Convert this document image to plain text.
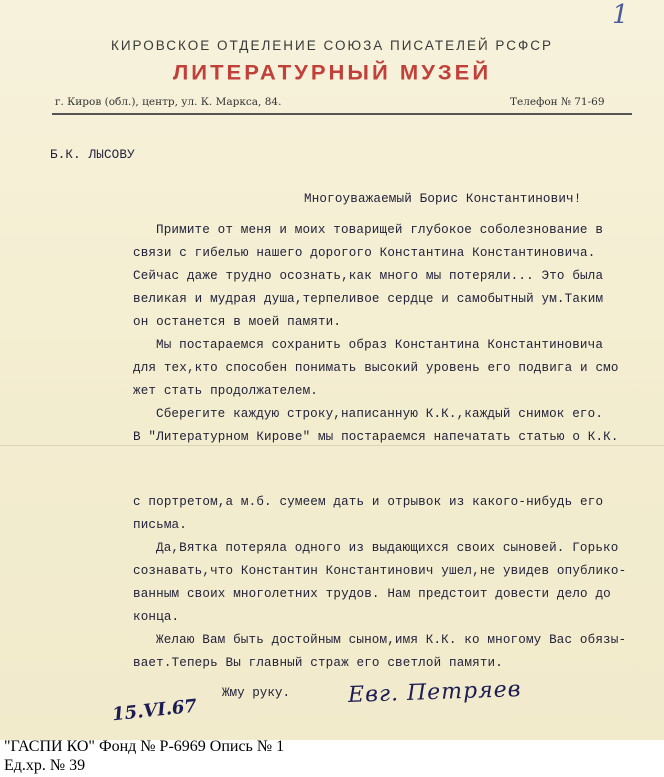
1
КИРОВСКОЕ ОТДЕЛЕНИЕ СОЮЗА ПИСАТЕЛЕЙ РСФСР
ЛИТЕРАТУРНЫЙ МУЗЕЙ
г. Киров (обл.), центр, ул. К. Маркса, 84.	Телефон № 71-69
Б.К. ЛЫСОВУ
Многоуважаемый Борис Константинович!
Примите от меня и моих товарищей глубокое соболезнование в
связи с гибелью нашего дорогого Константина Константиновича.
Сейчас даже трудно осознать,как много мы потеряли... Это была
великая и мудрая душа,терпеливое сердце и самобытный ум.Таким
он останется в моей памяти.
Мы постараемся сохранить образ Константина Константиновича
для тех,кто способен понимать высокий уровень его подвига и смо
жет стать продолжателем.
Сберегите каждую строку,написанную К.К.,каждый снимок его.
В "Литературном Кирове" мы постараемся напечатать статью о К.К.
с портретом,а м.б. сумеем дать и отрывок из какого-нибудь его
письма.
Да,Вятка потеряла одного из выдающихся своих сыновей. Горько
сознавать,что Константин Константинович ушел,не увидев опублико-
ванным своих многолетних трудов. Нам предстоит довести дело до
конца.
Желаю Вам быть достойным сыном,имя К.К. ко многому Вас обязы-
вает.Теперь Вы главный страж его светлой памяти.
Жму руку.
15.VI.67
Евг. Петряев
"ГАСПИ КО" Фонд № Р-6969 Опись № 1
Ед.хр. № 39
